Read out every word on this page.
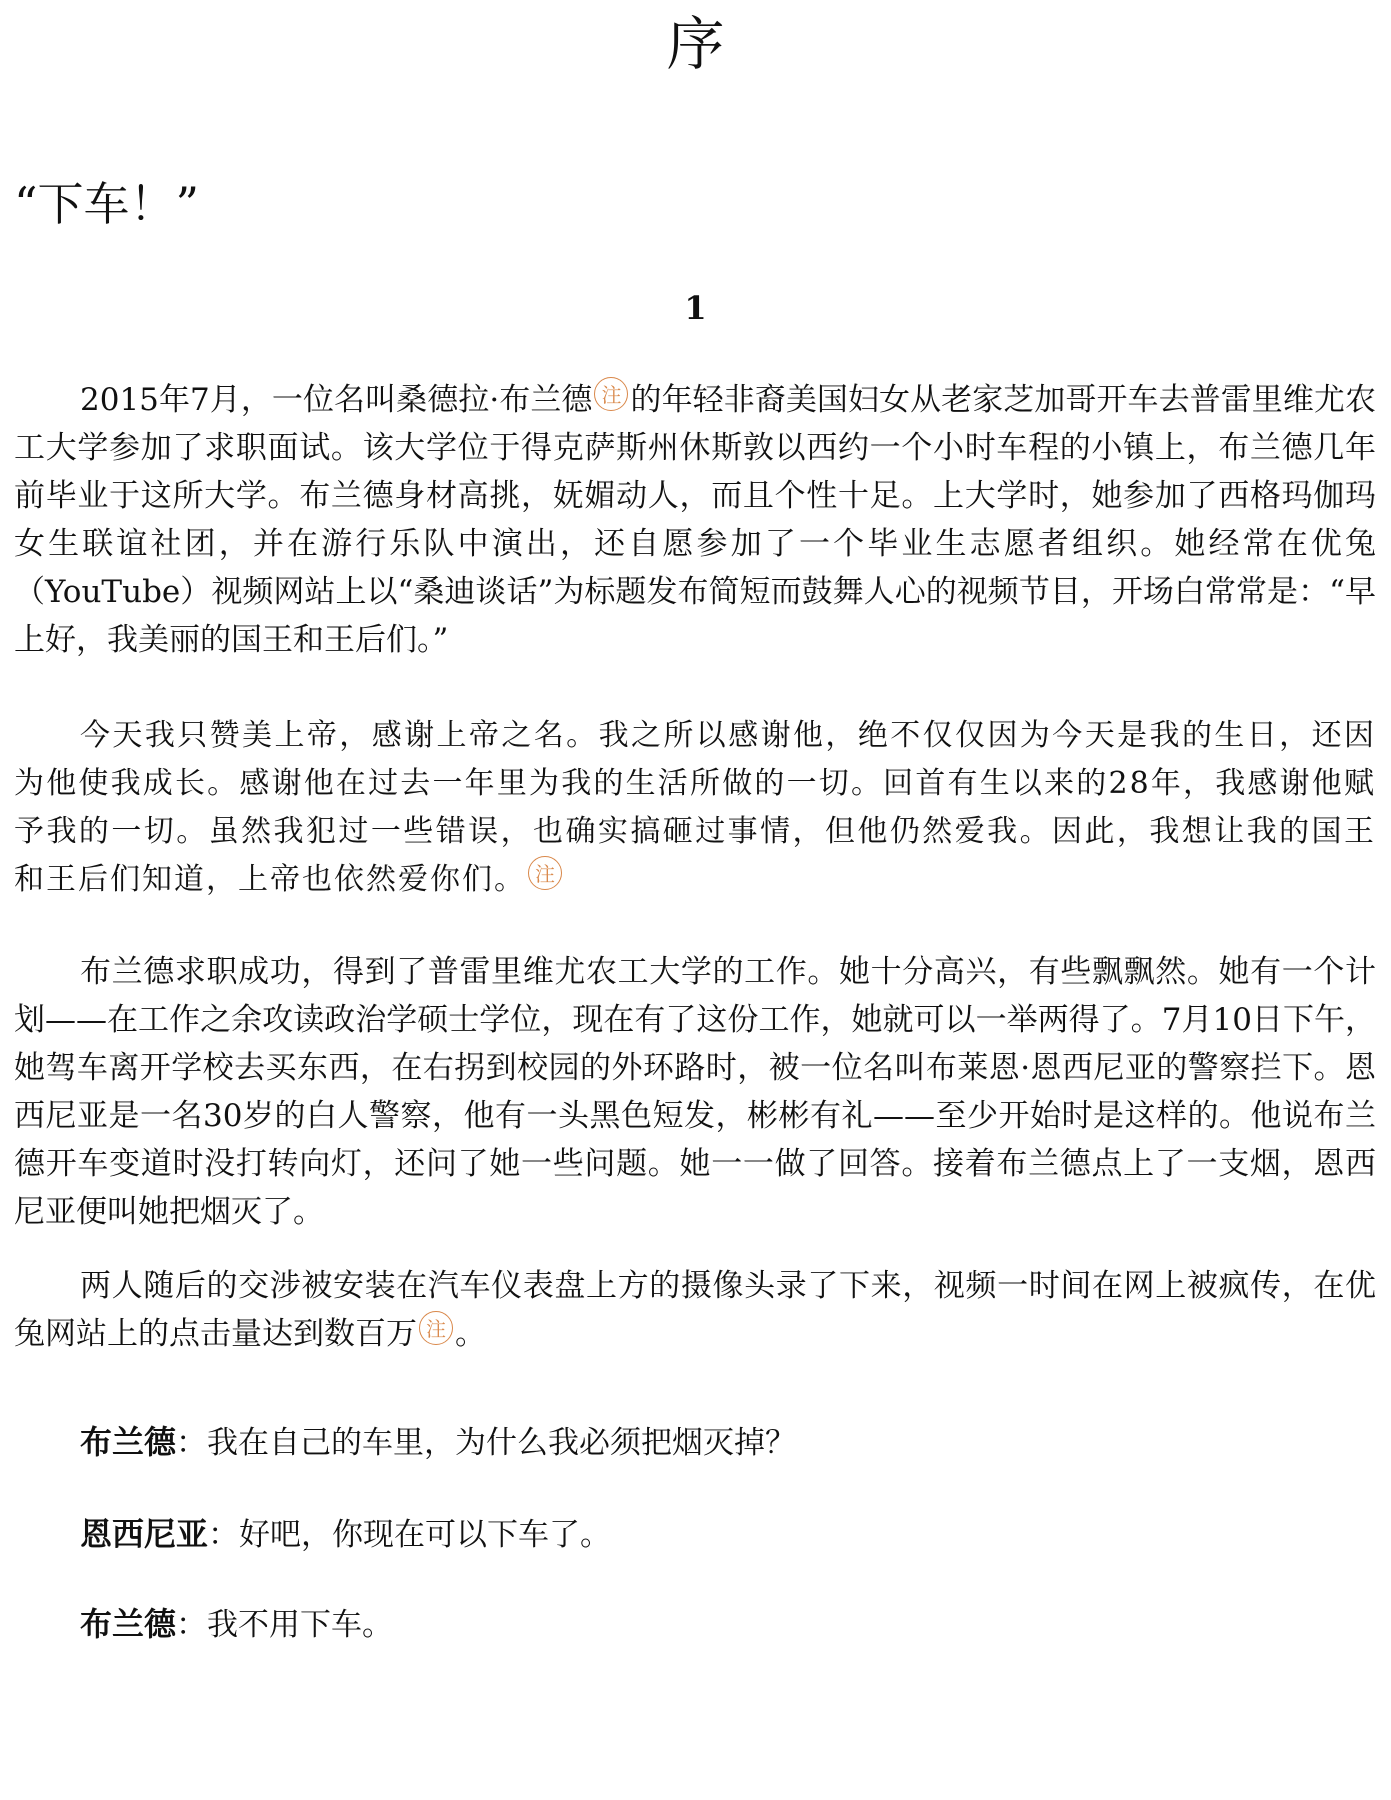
序
“下车！”
1

2015年7月，一位名叫桑德拉·布兰德 注 的年轻非裔美国妇女从老家芝加哥开车去普雷里维尤农工大学参加了求职面试。该大学位于得克萨斯州休斯敦以西约一个小时车程的小镇上，布兰德几年前毕业于这所大学。布兰德身材高挑，妩媚动人，而且个性十足。上大学时，她参加了西格玛伽玛女生联谊社团，并在游行乐队中演出，还自愿参加了一个毕业生志愿者组织。她经常在优兔（YouTube）视频网站上以“桑迪谈话”为标题发布简短而鼓舞人心的视频节目，开场白常常是：“早上好，我美丽的国王和王后们。”

今天我只赞美上帝，感谢上帝之名。我之所以感谢他，绝不仅仅因为今天是我的生日，还因为他使我成长。感谢他在过去一年里为我的生活所做的一切。回首有生以来的28年，我感谢他赋予我的一切。虽然我犯过一些错误，也确实搞砸过事情，但他仍然爱我。因此，我想让我的国王和王后们知道，上帝也依然爱你们。 注

布兰德求职成功，得到了普雷里维尤农工大学的工作。她十分高兴，有些飘飘然。她有一个计划——在工作之余攻读政治学硕士学位，现在有了这份工作，她就可以一举两得了。7月10日下午，她驾车离开学校去买东西，在右拐到校园的外环路时，被一位名叫布莱恩·恩西尼亚的警察拦下。恩西尼亚是一名30岁的白人警察，他有一头黑色短发，彬彬有礼——至少开始时是这样的。他说布兰德开车变道时没打转向灯，还问了她一些问题。她一一做了回答。接着布兰德点上了一支烟，恩西尼亚便叫她把烟灭了。

两人随后的交涉被安装在汽车仪表盘上方的摄像头录了下来，视频一时间在网上被疯传，在优兔网站上的点击量达到数百万 注 。

布兰德：我在自己的车里，为什么我必须把烟灭掉？

恩西尼亚：好吧，你现在可以下车了。

布兰德：我不用下车。
